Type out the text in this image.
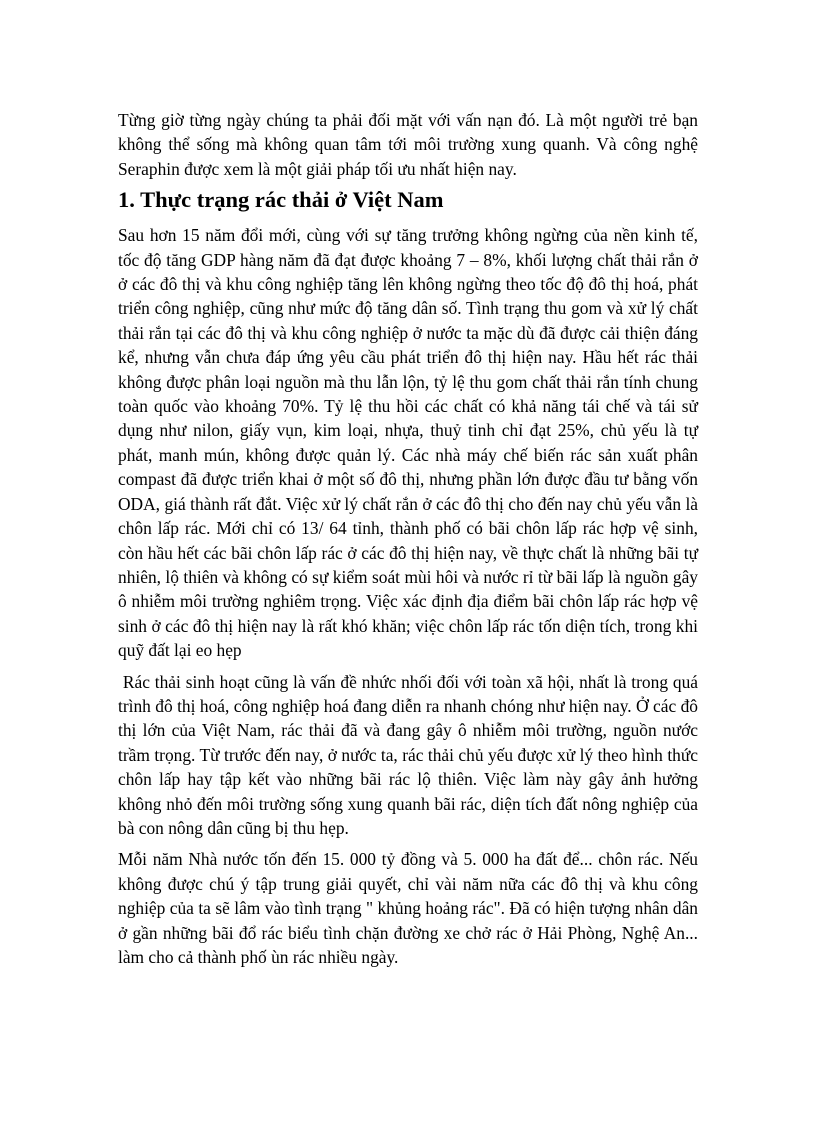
Từng giờ từng ngày chúng ta phải đối mặt với vấn nạn đó. Là một người trẻ bạn không thể sống mà không quan tâm tới môi trường xung quanh. Và công nghệ Seraphin được xem là một giải pháp tối ưu nhất hiện nay.

1. Thực trạng rác thải ở Việt Nam

Sau hơn 15 năm đổi mới, cùng với sự tăng trưởng không ngừng của nền kinh tế, tốc độ tăng GDP hàng năm đã đạt được khoảng 7 – 8%, khối lượng chất thải rắn ở ở các đô thị và khu công nghiệp tăng lên không ngừng theo tốc độ đô thị hoá, phát triển công nghiệp, cũng như mức độ tăng dân số. Tình trạng thu gom và xử lý chất thải rắn tại các đô thị và khu công nghiệp ở nước ta mặc dù đã được cải thiện đáng kể, nhưng vẫn chưa đáp ứng yêu cầu phát triển đô thị hiện nay. Hầu hết rác thải không được phân loại nguồn mà thu lẫn lộn, tỷ lệ thu gom chất thải rắn tính chung toàn quốc vào khoảng 70%. Tỷ lệ thu hồi các chất có khả năng tái chế và tái sử dụng như nilon, giấy vụn, kim loại, nhựa, thuỷ tinh chỉ đạt 25%, chủ yếu là tự phát, manh mún, không được quản lý. Các nhà máy chế biến rác sản xuất phân compast đã được triển khai ở một số đô thị, nhưng phần lớn được đầu tư bằng vốn ODA, giá thành rất đắt. Việc xử lý chất rắn ở các đô thị cho đến nay chủ yếu vẫn là chôn lấp rác. Mới chỉ có 13/ 64 tỉnh, thành phố có bãi chôn lấp rác hợp vệ sinh, còn hầu hết các bãi chôn lấp rác ở các đô thị hiện nay, về thực chất là những bãi tự nhiên, lộ thiên và không có sự kiểm soát mùi hôi và nước rỉ từ bãi lấp là nguồn gây ô nhiễm môi trường nghiêm trọng. Việc xác định địa điểm bãi chôn lấp rác hợp vệ sinh ở các đô thị hiện nay là rất khó khăn; việc chôn lấp rác tốn diện tích, trong khi quỹ đất lại eo hẹp

Rác thải sinh hoạt cũng là vấn đề nhức nhối đối với toàn xã hội, nhất là trong quá trình đô thị hoá, công nghiệp hoá đang diễn ra nhanh chóng như hiện nay. Ở các đô thị lớn của Việt Nam, rác thải đã và đang gây ô nhiễm môi trường, nguồn nước trầm trọng. Từ trước đến nay, ở nước ta, rác thải chủ yếu được xử lý theo hình thức chôn lấp hay tập kết vào những bãi rác lộ thiên. Việc làm này gây ảnh hưởng không nhỏ đến môi trường sống xung quanh bãi rác, diện tích đất nông nghiệp của bà con nông dân cũng bị thu hẹp.

Mỗi năm Nhà nước tốn đến 15. 000 tỷ đồng và 5. 000 ha đất để... chôn rác. Nếu không được chú ý tập trung giải quyết, chỉ vài năm nữa các đô thị và khu công nghiệp của ta sẽ lâm vào tình trạng " khủng hoảng rác". Đã có hiện tượng nhân dân ở gần những bãi đổ rác biểu tình chặn đường xe chở rác ở Hải Phòng, Nghệ An... làm cho cả thành phố ùn rác nhiều ngày.
